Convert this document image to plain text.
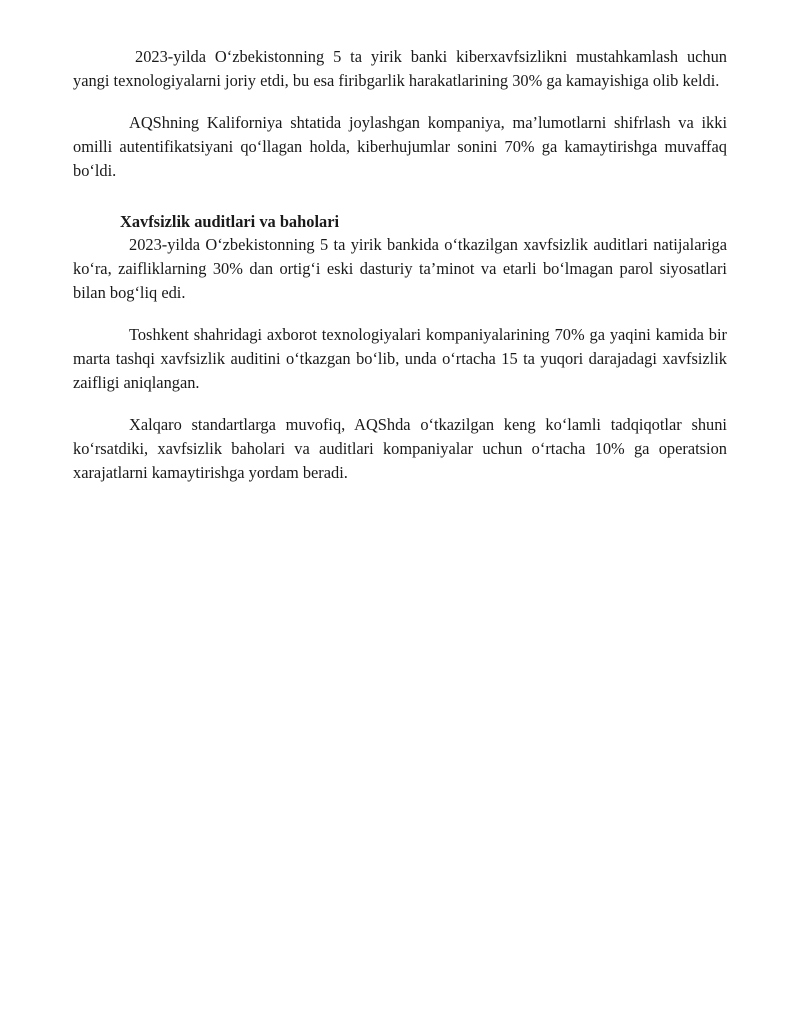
2023-yilda O‘zbekistonning 5 ta yirik banki kiberxavfsizlikni mustahkamlash uchun yangi texnologiyalarni joriy etdi, bu esa firibgarlik harakatlarining 30% ga kamayishiga olib keldi.

AQShning Kaliforniya shtatida joylashgan kompaniya, ma’lumotlarni shifrlash va ikki omilli autentifikatsiyani qo‘llagan holda, kiberhujumlar sonini 70% ga kamaytirishga muvaffaq bo‘ldi.

Xavfsizlik auditlari va baholari

2023-yilda O‘zbekistonning 5 ta yirik bankida o‘tkazilgan xavfsizlik auditlari natijalariga ko‘ra, zaifliklarning 30% dan ortig‘i eski dasturiy ta’minot va etarli bo‘lmagan parol siyosatlari bilan bog‘liq edi.

Toshkent shahridagi axborot texnologiyalari kompaniyalarining 70% ga yaqini kamida bir marta tashqi xavfsizlik auditini o‘tkazgan bo‘lib, unda o‘rtacha 15 ta yuqori darajadagi xavfsizlik zaifligi aniqlangan.

Xalqaro standartlarga muvofiq, AQShda o‘tkazilgan keng ko‘lamli tadqiqotlar shuni ko‘rsatdiki, xavfsizlik baholari va auditlari kompaniyalar uchun o‘rtacha 10% ga operatsion xarajatlarni kamaytirishga yordam beradi.
